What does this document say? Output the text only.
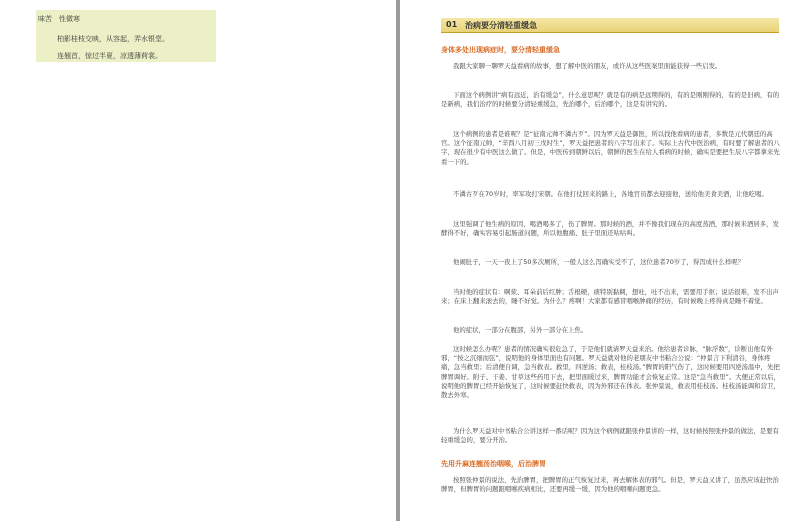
味苦　性微寒
柏影桂枝交映，从容起，弄水银堂。
连翘首，惊过半夏，凉透薄荷裳。
01 治病要分清轻重缓急
身体多处出现病症时，要分清轻重缓急
我跟大家聊一聊罗天益看病的故事，想了解中医的朋友，或许从这些医案里面能获得一些启发。
下面这个病例讲“病有远近，治有缓急”，什么意思呢？就是有的病是远期得的，有的是刚刚得的，有的是旧病，有的是新病，我们治疗的时候要分清轻重缓急，先治哪个，后治哪个，这是有讲究的。
这个病例的患者是谁呢？是“征南元帅不潾古歹”。因为罗天益是御医，所以找他看病的患者，多数是元代朝廷的高官。这个征南元帅，“辛酉八月初三戊时生”，罗天益把患者的八字写出来了。实际上古代中医治病，有时要了解患者的八字，现在很少有中医这么做了。但是，中医传到朝鲜以后，朝鲜的医生在给人看病的时候，确实是要把生辰八字都拿来先看一下的。
不潾古歹在70岁时，率军攻打宋朝。在他打仗回来的路上，各地官员都去迎接他，送给他美食美酒，让他吃喝。
这里强调了他生病的原因，喝酒喝多了，伤了脾胃。那时候的酒，并不像我们现在的高度蒸酒，那时候米酒居多，发酵得不好，确实容易引起肠道问题，所以他腹痛、肚子里面还咕咕叫。
他闹肚子，一天一夜上了50多次厕所，一般人这么泻确实受不了，这位患者70岁了，得泻成什么样呢？
当时他的症状有：啊欬、耳朵前后红肿；舌根硬，痰特别黏稠，想吐，吐不出来，需要用手抠；说话很难，发不出声来；在床上翻来滚去的，睡不好觉。为什么？疼啊！大家都有感冒咽喉肿痛的经历，有时候晚上疼得真是睡不着觉。
他的症状，一部分在腹部，另外一部分在上焦。
这时候怎么办呢？患者的情况确实很危急了，于是他们就请罗天益来治。他给患者诊脉，“脉浮数”，诊断出他有外邪，“按之沉细而弦”，说明他的身体里面也有问题。罗天益就对他的老朋友中书粘合公说：“仲景言下利清谷，身体疼痛，急当救里；后清便自调，急当救表。救里，四逆汤；救表，桂枝汤。”脾胃的阳气伤了，这时候要用四逆汤温中，先把脾胃调好。附子、干姜、甘草这些药用下去，把里面暖过来，脾胃功能才会恢复正常。这是“急当救里”。大便正常以后，说明他的脾胃已经开始恢复了，这时候要赶快救表，因为外邪还在体表。张仲景说，救表用桂枝汤。桂枝汤能调和营卫，散去外寒。
为什么罗天益对中书粘合公讲这样一番话呢？因为这个病例就跟张仲景讲的一样，这时候按照张仲景的做法，是要有轻重缓急的，要分开治。
先用升麻连翘汤治咽喉，后治脾胃
按照张仲景的说法，先治脾胃，把脾胃的正气恢复过来，再去解体表的邪气。但是，罗天益又讲了，虽然应该赶快治脾胃，但脾胃的问题跟咽喉疾病相比，还要再缓一缓，因为他的咽喉问题更急。
